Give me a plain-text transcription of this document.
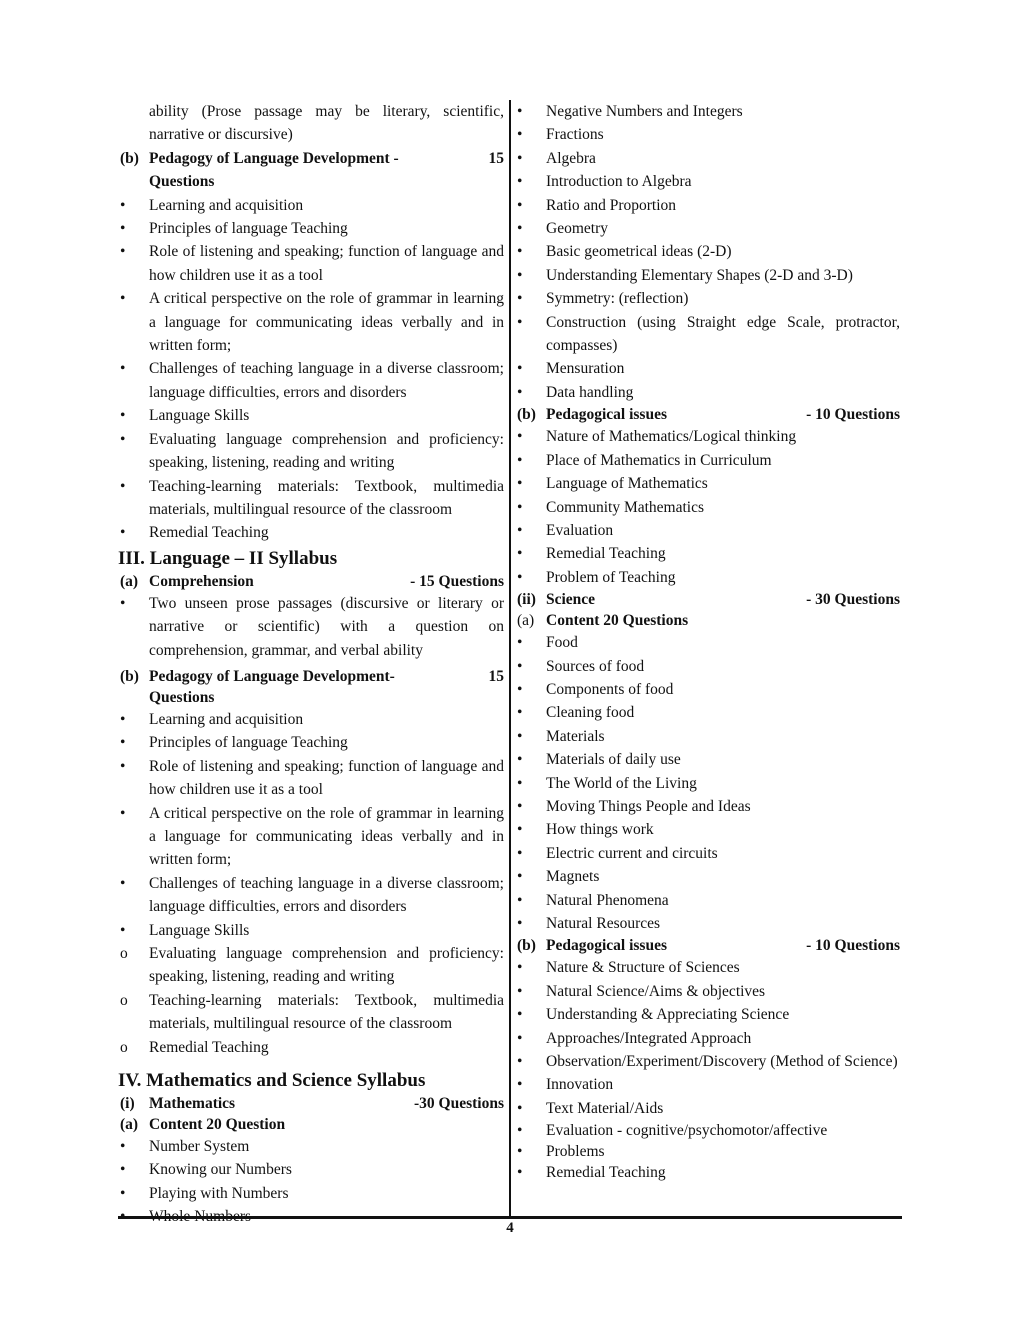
ability (Prose passage may be literary, scientific, narrative or discursive)
(b) Pedagogy of Language Development -	15
Questions
•	Learning and acquisition
•	Principles of language Teaching
•	Role of listening and speaking; function of language and how children use it as a tool
•	A critical perspective on the role of grammar in learning a language for communicating ideas verbally and in written form;
•	Challenges of teaching language in a diverse classroom; language difficulties, errors and disorders
•	Language Skills
•	Evaluating language comprehension and proficiency: speaking, listening, reading and writing
•	Teaching-learning materials: Textbook, multimedia materials, multilingual resource of the classroom
•	Remedial Teaching
III. Language – II Syllabus
(a) Comprehension	- 15 Questions
•	Two unseen prose passages (discursive or literary or narrative or scientific) with a question on comprehension, grammar, and verbal ability
(b) Pedagogy of Language Development-	15
Questions
•	Learning and acquisition
•	Principles of language Teaching
•	Role of listening and speaking; function of language and how children use it as a tool
•	A critical perspective on the role of grammar in learning a language for communicating ideas verbally and in written form;
•	Challenges of teaching language in a diverse classroom; language difficulties, errors and disorders
•	Language Skills
o	Evaluating language comprehension and proficiency: speaking, listening, reading and writing
o	Teaching-learning materials: Textbook, multimedia materials, multilingual resource of the classroom
o	Remedial Teaching
IV. Mathematics and Science Syllabus
(i) Mathematics	-30 Questions
(a) Content 20 Question
•	Number System
•	Knowing our Numbers
•	Playing with Numbers
•	Negative Numbers and Integers
•	Fractions
•	Algebra
•	Introduction to Algebra
•	Ratio and Proportion
•	Geometry
•	Basic geometrical ideas (2-D)
•	Understanding Elementary Shapes (2-D and 3-D)
•	Symmetry: (reflection)
•	Construction (using Straight edge Scale, protractor, compasses)
•	Mensuration
•	Data handling
(b) Pedagogical issues	- 10 Questions
•	Nature of Mathematics/Logical thinking
•	Place of Mathematics in Curriculum
•	Language of Mathematics
•	Community Mathematics
•	Evaluation
•	Remedial Teaching
•	Problem of Teaching
(ii) Science	- 30 Questions
(a) Content 20 Questions
•	Food
•	Sources of food
•	Components of food
•	Cleaning food
•	Materials
•	Materials of daily use
•	The World of the Living
•	Moving Things People and Ideas
•	How things work
•	Electric current and circuits
•	Magnets
•	Natural Phenomena
•	Natural Resources
(b) Pedagogical issues	- 10 Questions
•	Nature & Structure of Sciences
•	Natural Science/Aims & objectives
•	Understanding & Appreciating Science
•	Approaches/Integrated Approach
•	Observation/Experiment/Discovery (Method of Science)
•	Innovation
•	Text Material/Aids
•	Evaluation - cognitive/psychomotor/affective
•	Problems
•	Remedial Teaching
4
